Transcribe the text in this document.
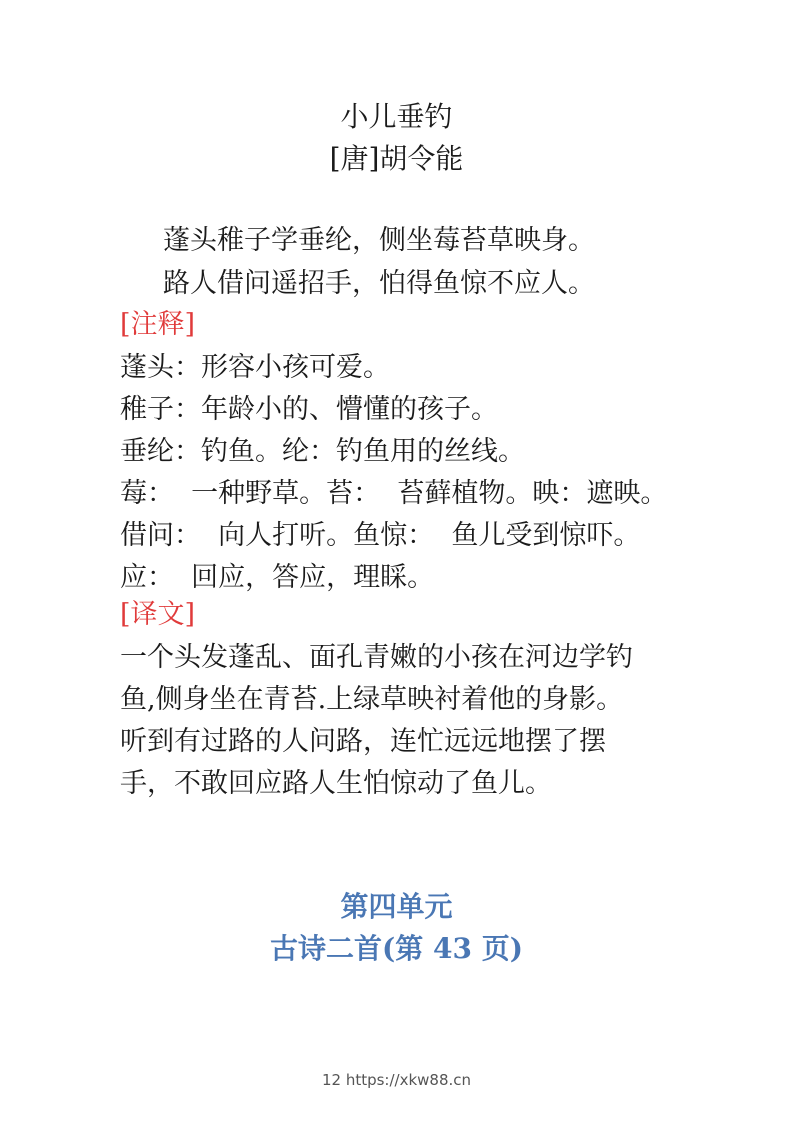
小儿垂钓
[唐]胡令能
蓬头稚子学垂纶，侧坐莓苔草映身。
路人借问遥招手，怕得鱼惊不应人。
[注释]
蓬头：形容小孩可爱。
稚子：年龄小的、懵懂的孩子。
垂纶：钓鱼。纶：钓鱼用的丝线。
莓：  一种野草。苔：  苔藓植物。映：遮映。
借问：  向人打听。鱼惊：  鱼儿受到惊吓。
应：  回应，答应，理睬。
[译文]
一个头发蓬乱、面孔青嫩的小孩在河边学钓
鱼,侧身坐在青苔.上绿草映衬着他的身影。
听到有过路的人问路，连忙远远地摆了摆
手，不敢回应路人生怕惊动了鱼儿。
第四单元
古诗二首(第 43 页)
12 https://xkw88.cn
